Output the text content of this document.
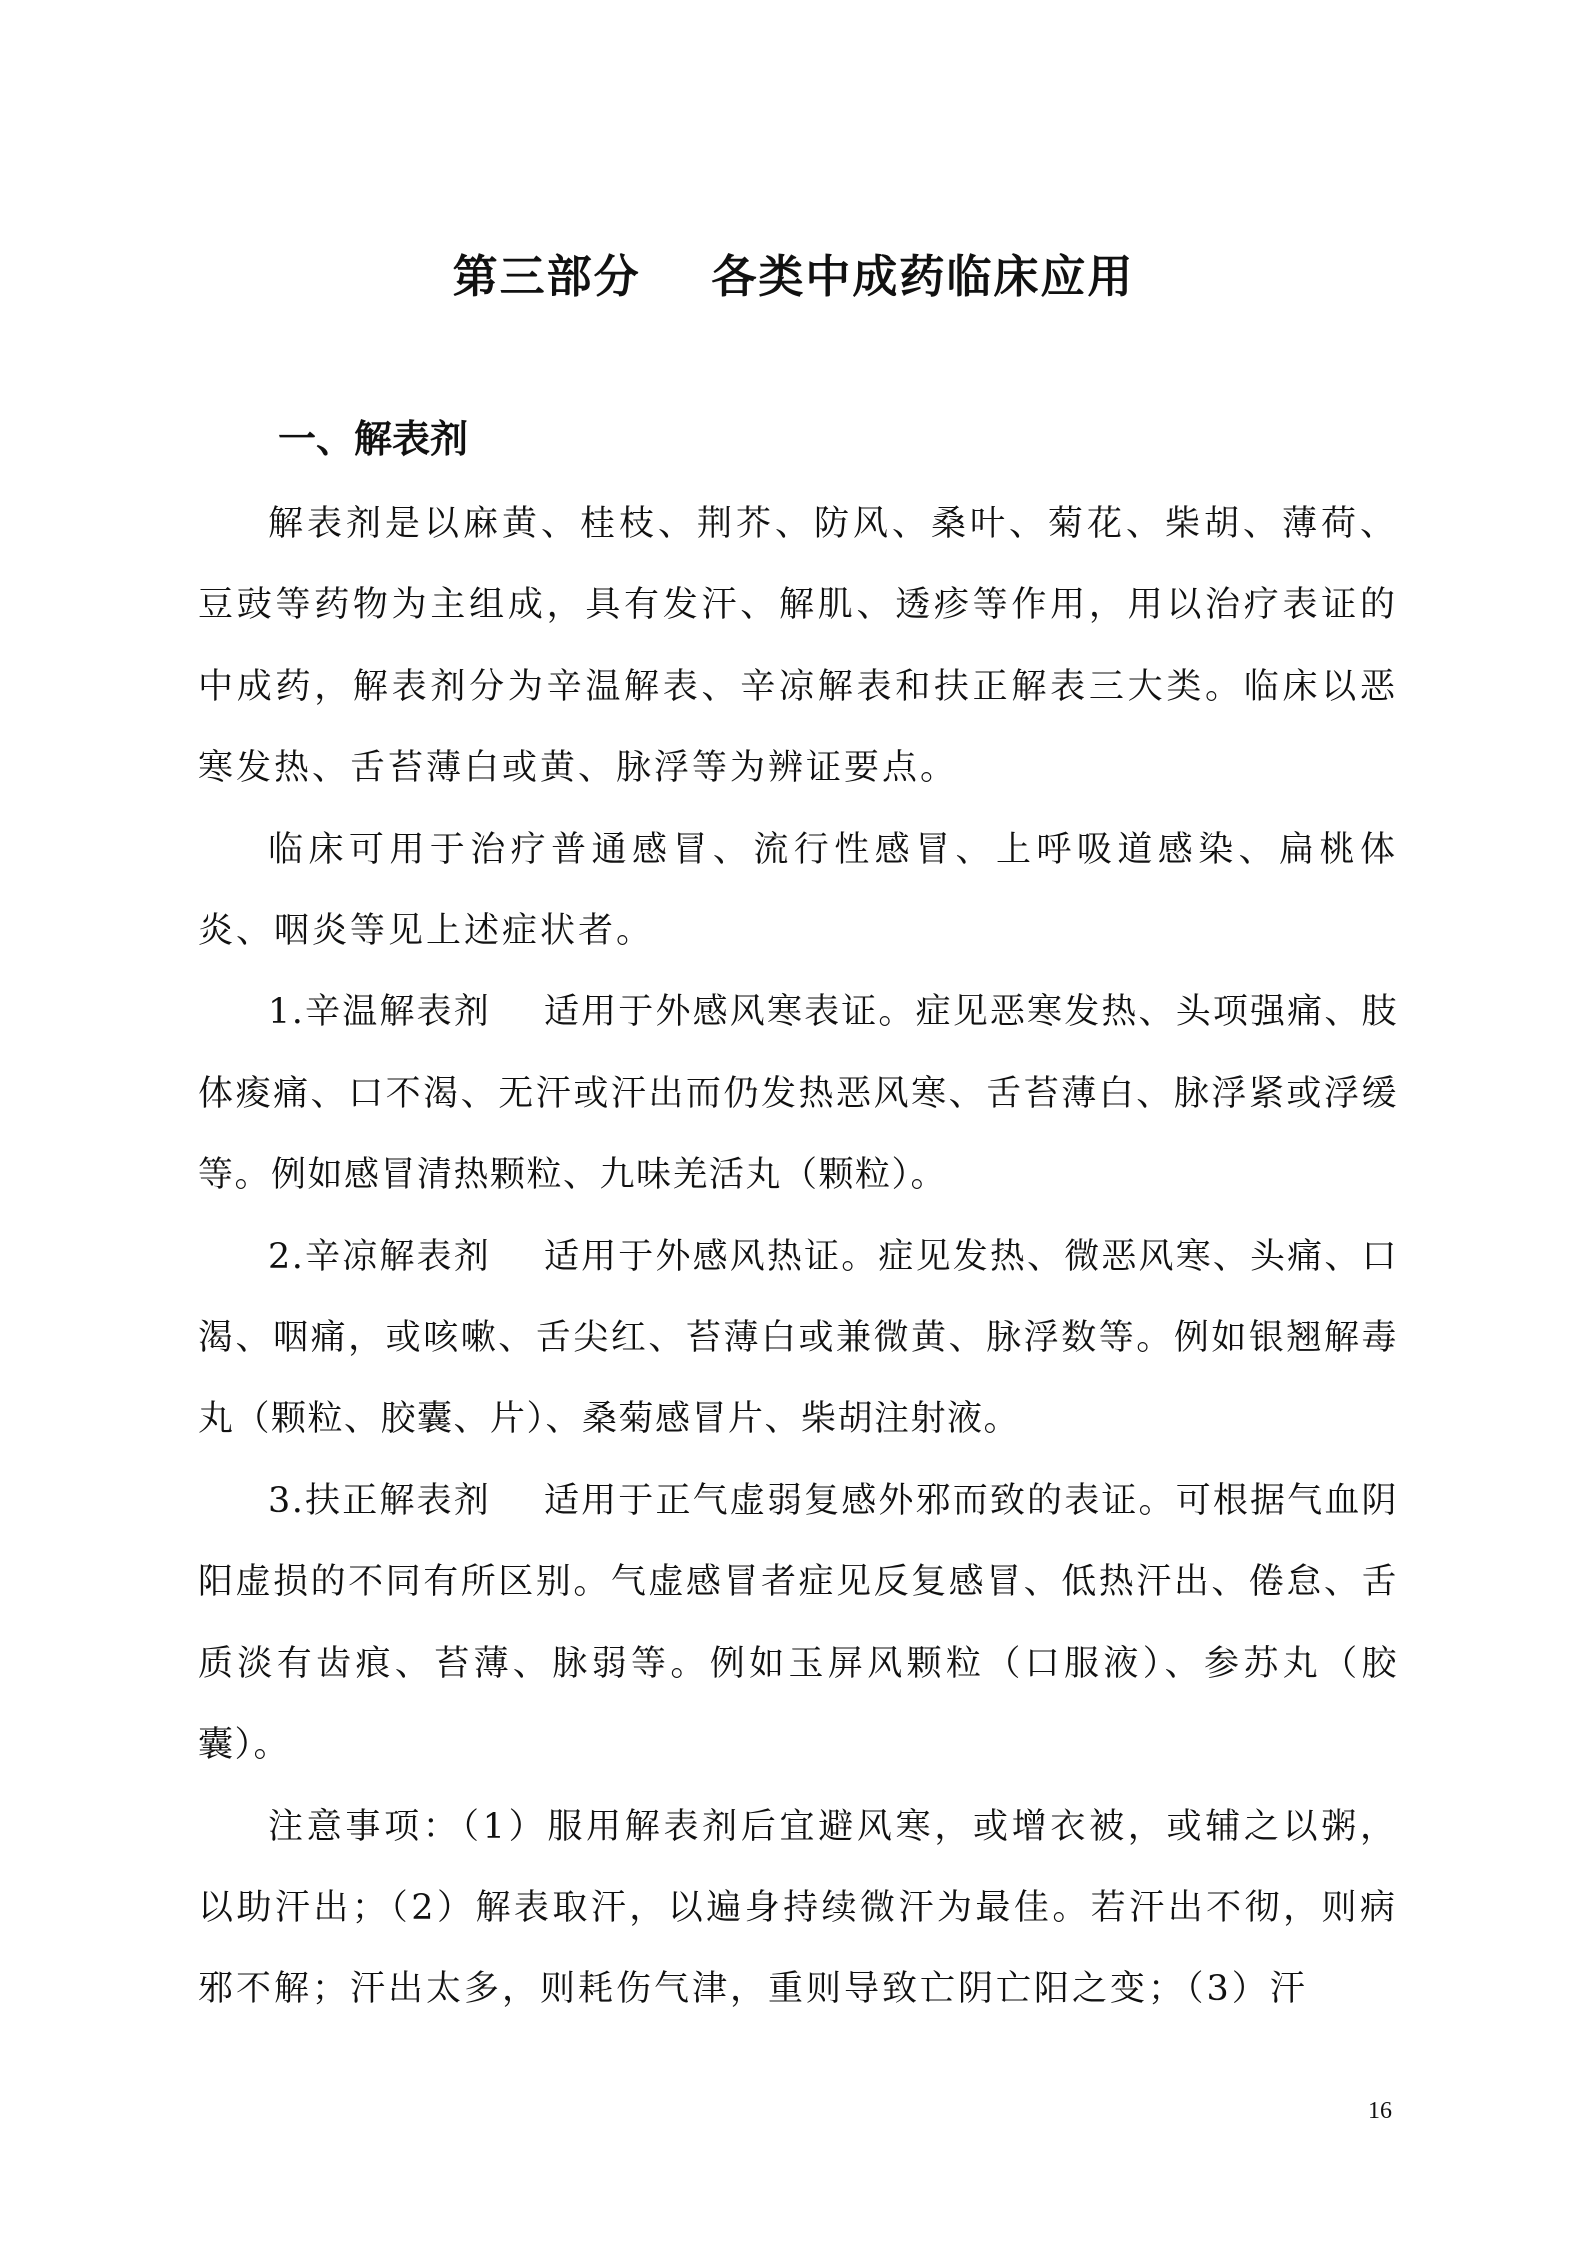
第三部分    各类中成药临床应用
一、解表剂

解表剂是以麻黄、桂枝、荆芥、防风、桑叶、菊花、柴胡、薄荷、豆豉等药物为主组成，具有发汗、解肌、透疹等作用，用以治疗表证的中成药，解表剂分为辛温解表、辛凉解表和扶正解表三大类。临床以恶寒发热、舌苔薄白或黄、脉浮等为辨证要点。

临床可用于治疗普通感冒、流行性感冒、上呼吸道感染、扁桃体炎、咽炎等见上述症状者。

1.辛温解表剂    适用于外感风寒表证。症见恶寒发热、头项强痛、肢体痠痛、口不渴、无汗或汗出而仍发热恶风寒、舌苔薄白、脉浮紧或浮缓等。例如感冒清热颗粒、九味羌活丸（颗粒）。

2.辛凉解表剂    适用于外感风热证。症见发热、微恶风寒、头痛、口渴、咽痛，或咳嗽、舌尖红、苔薄白或兼微黄、脉浮数等。例如银翘解毒丸（颗粒、胶囊、片）、桑菊感冒片、柴胡注射液。

3.扶正解表剂    适用于正气虚弱复感外邪而致的表证。可根据气血阴阳虚损的不同有所区别。气虚感冒者症见反复感冒、低热汗出、倦怠、舌质淡有齿痕、苔薄、脉弱等。例如玉屏风颗粒（口服液）、参苏丸（胶囊）。

注意事项：（1）服用解表剂后宜避风寒，或增衣被，或辅之以粥，以助汗出；（2）解表取汗，以遍身持续微汗为最佳。若汗出不彻，则病邪不解；汗出太多，则耗伤气津，重则导致亡阴亡阳之变；（3）汗

16
